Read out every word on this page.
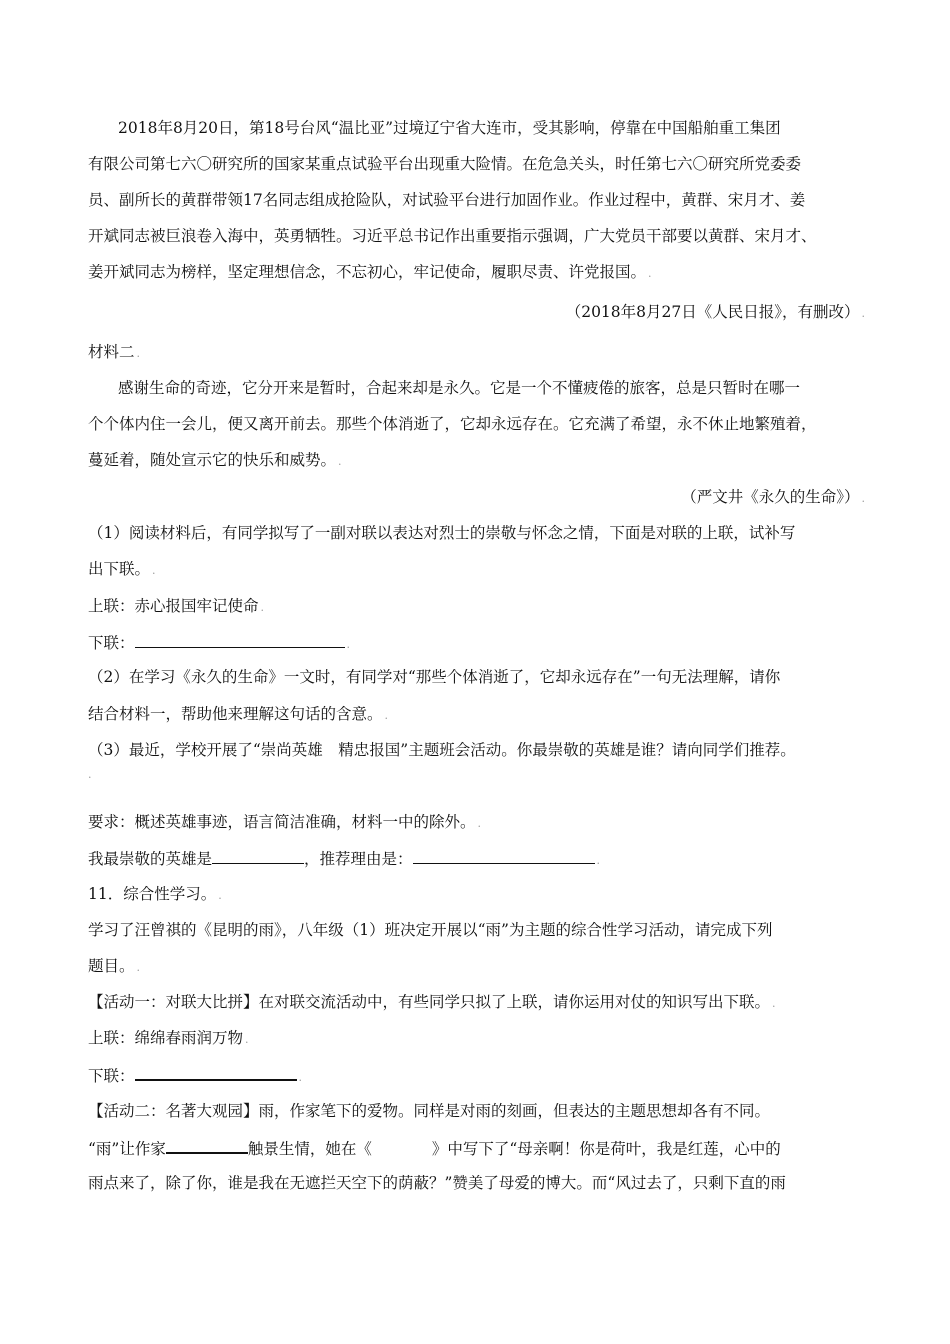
2018年8月20日，第18号台风“温比亚”过境辽宁省大连市，受其影响，停靠在中国船舶重工集团
有限公司第七六〇研究所的国家某重点试验平台出现重大险情。在危急关头，时任第七六〇研究所党委委
员、副所长的黄群带领17名同志组成抢险队，对试验平台进行加固作业。作业过程中，黄群、宋月才、姜
开斌同志被巨浪卷入海中，英勇牺牲。习近平总书记作出重要指示强调，广大党员干部要以黄群、宋月才、
姜开斌同志为榜样，坚定理想信念，不忘初心，牢记使命，履职尽责、许党报国。 .
（2018年8月27日《人民日报》，有删改） .
材料二 .
感谢生命的奇迹，它分开来是暂时，合起来却是永久。它是一个不懂疲倦的旅客，总是只暂时在哪一
个个体内住一会儿，便又离开前去。那些个体消逝了，它却永远存在。它充满了希望，永不休止地繁殖着，
蔓延着，随处宣示它的快乐和威势。 .
（严文井《永久的生命》） .
（1）阅读材料后，有同学拟写了一副对联以表达对烈士的崇敬与怀念之情，下面是对联的上联，试补写
出下联。 .
上联：赤心报国牢记使命 .
下联：	.
（2）在学习《永久的生命》一文时，有同学对“那些个体消逝了，它却永远存在”一句无法理解，请你
结合材料一，帮助他来理解这句话的含意。 .
（3）最近，学校开展了“崇尚英雄　精忠报国”主题班会活动。你最崇敬的英雄是谁？请向同学们推荐。
.
要求：概述英雄事迹，语言简洁准确，材料一中的除外。 .
我最崇敬的英雄是	，推荐理由是：	.
11．综合性学习。 .
学习了汪曾祺的《昆明的雨》，八年级（1）班决定开展以“雨”为主题的综合性学习活动，请完成下列
题目。 .
【活动一：对联大比拼】在对联交流活动中，有些同学只拟了上联，请你运用对仗的知识写出下联。 .
上联：绵绵春雨润万物 .
下联：	.
【活动二：名著大观园】雨，作家笔下的爱物。同样是对雨的刻画，但表达的主题思想却各有不同。
“雨”让作家	触景生情，她在《	》中写下了“母亲啊！你是荷叶，我是红莲，心中的
雨点来了，除了你，谁是我在无遮拦天空下的荫蔽？”赞美了母爱的博大。而“风过去了，只剩下直的雨
